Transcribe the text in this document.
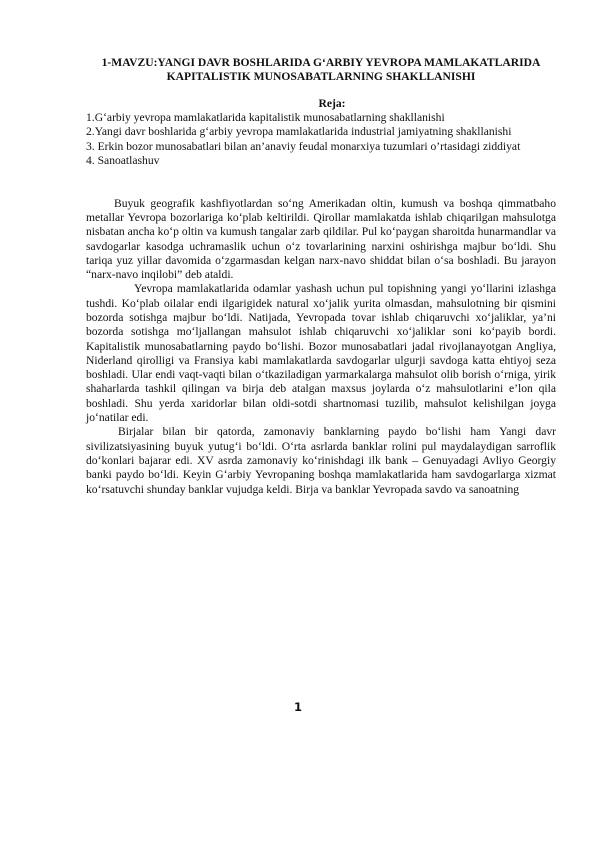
1-MAVZU:YANGI DAVR BOSHLARIDA G‘ARBIY YEVROPA MAMLAKATLARIDA KAPITALISTIK MUNOSABATLARNING SHAKLLANISHI
Reja:
1.G‘arbiy yevropa mamlakatlarida kapitalistik munosabatlarning shakllanishi
2.Yangi davr boshlarida g‘arbiy yevropa mamlakatlarida industrial jamiyatning shakllanishi
3. Erkin bozor munosabatlari bilan an’anaviy feudal monarxiya tuzumlari o’rtasidagi ziddiyat
4. Sanoatlashuv

Buyuk geografik kashfiyotlardan so‘ng Amerikadan oltin, kumush va boshqa qimmatbaho metallar Yevropa bozorlariga ko‘plab keltirildi. Qirollar mamlakatda ishlab chiqarilgan mahsulotga nisbatan ancha ko‘p oltin va kumush tangalar zarb qildilar. Pul ko‘paygan sharoitda hunarmandlar va savdogarlar kasodga uchramaslik uchun o‘z tovarlarining narxini oshirishga majbur bo‘ldi. Shu tariqa yuz yillar davomida o‘zgarmasdan kelgan narx-navo shiddat bilan o‘sa boshladi. Bu jarayon “narx-navo inqilobi” deb ataldi.

Yevropa mamlakatlarida odamlar yashash uchun pul topishning yangi yo‘llarini izlashga tushdi. Ko‘plab oilalar endi ilgarigidek natural xo‘jalik yurita olmasdan, mahsulotning bir qismini bozorda sotishga majbur bo‘ldi. Natijada, Yevropada tovar ishlab chiqaruvchi xo‘jaliklar, ya’ni bozorda sotishga mo‘ljallangan mahsulot ishlab chiqaruvchi xo‘jaliklar soni ko‘payib bordi. Kapitalistik munosabatlarning paydo bo‘lishi. Bozor munosabatlari jadal rivojlanayotgan Angliya, Niderland qirolligi va Fransiya kabi mamlakatlarda savdogarlar ulgurji savdoga katta ehtiyoj seza boshladi. Ular endi vaqt-vaqti bilan o‘tkaziladigan yarmarkalarga mahsulot olib borish o‘rniga, yirik shaharlarda tashkil qilingan va birja deb atalgan maxsus joylarda o‘z mahsulotlarini e’lon qila boshladi. Shu yerda xaridorlar bilan oldi-sotdi shartnomasi tuzilib, mahsulot kelishilgan joyga jo‘natilar edi.

Birjalar bilan bir qatorda, zamonaviy banklarning paydo bo‘lishi ham Yangi davr sivilizatsiyasining buyuk yutug‘i bo‘ldi. O‘rta asrlarda banklar rolini pul maydalaydigan sarroflik do‘konlari bajarar edi. XV asrda zamonaviy ko‘rinishdagi ilk bank – Genuyadagi Avliyo Georgiy banki paydo bo‘ldi. Keyin G‘arbiy Yevropaning boshqa mamlakatlarida ham savdogarlarga xizmat ko‘rsatuvchi shunday banklar vujudga keldi. Birja va banklar Yevropada savdo va sanoatning

1
